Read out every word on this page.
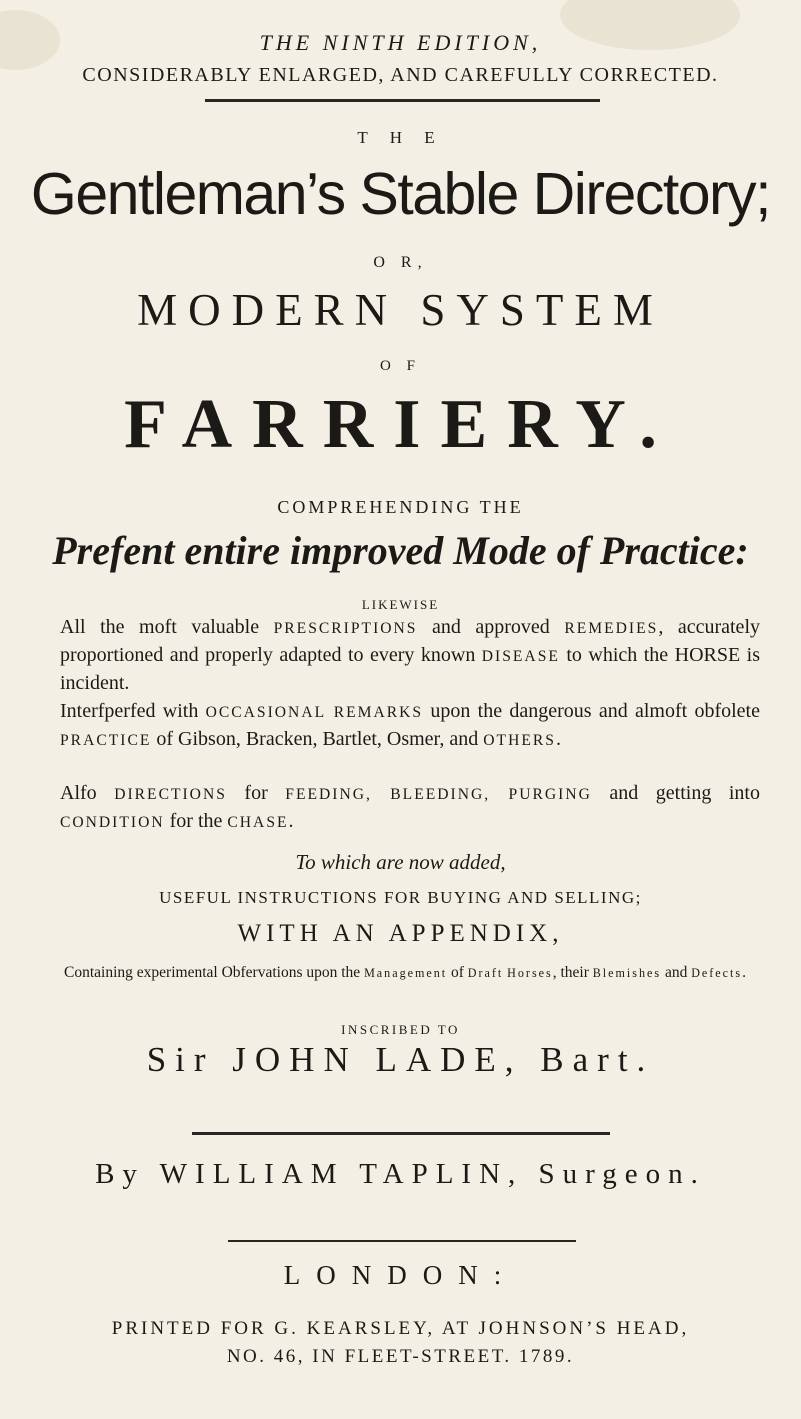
THE NINTH EDITION,
CONSIDERABLY ENLARGED, AND CAREFULLY CORRECTED.
T H E
Gentleman’s Stable Directory;
O R,
MODERN SYSTEM
O F
FARRIERY.
COMPREHENDING THE
Prefent entire improved Mode of Practice:
LIKEWISE
All the moft valuable PRESCRIPTIONS and approved REMEDIES, accurately proportioned and properly adapted to every known DISEASE to which the HORSE is incident.
Interfperfed with OCCASIONAL REMARKS upon the dangerous and almoft obfolete PRACTICE of Gibson, Bracken, Bartlet, Osmer, and OTHERS.
Alfo DIRECTIONS for FEEDING, BLEEDING, PURGING and getting into CONDITION for the CHASE.
To which are now added,
USEFUL INSTRUCTIONS FOR BUYING AND SELLING;
WITH AN APPENDIX,
Containing experimental Obfervations upon the Management of Draft Horses, their Blemishes and Defects.
INSCRIBED TO
Sir JOHN LADE, Bart.
By WILLIAM TAPLIN, Surgeon.
LONDON:
PRINTED FOR G. KEARSLEY, AT JOHNSON’S HEAD,
NO. 46, IN FLEET-STREET. 1789.
